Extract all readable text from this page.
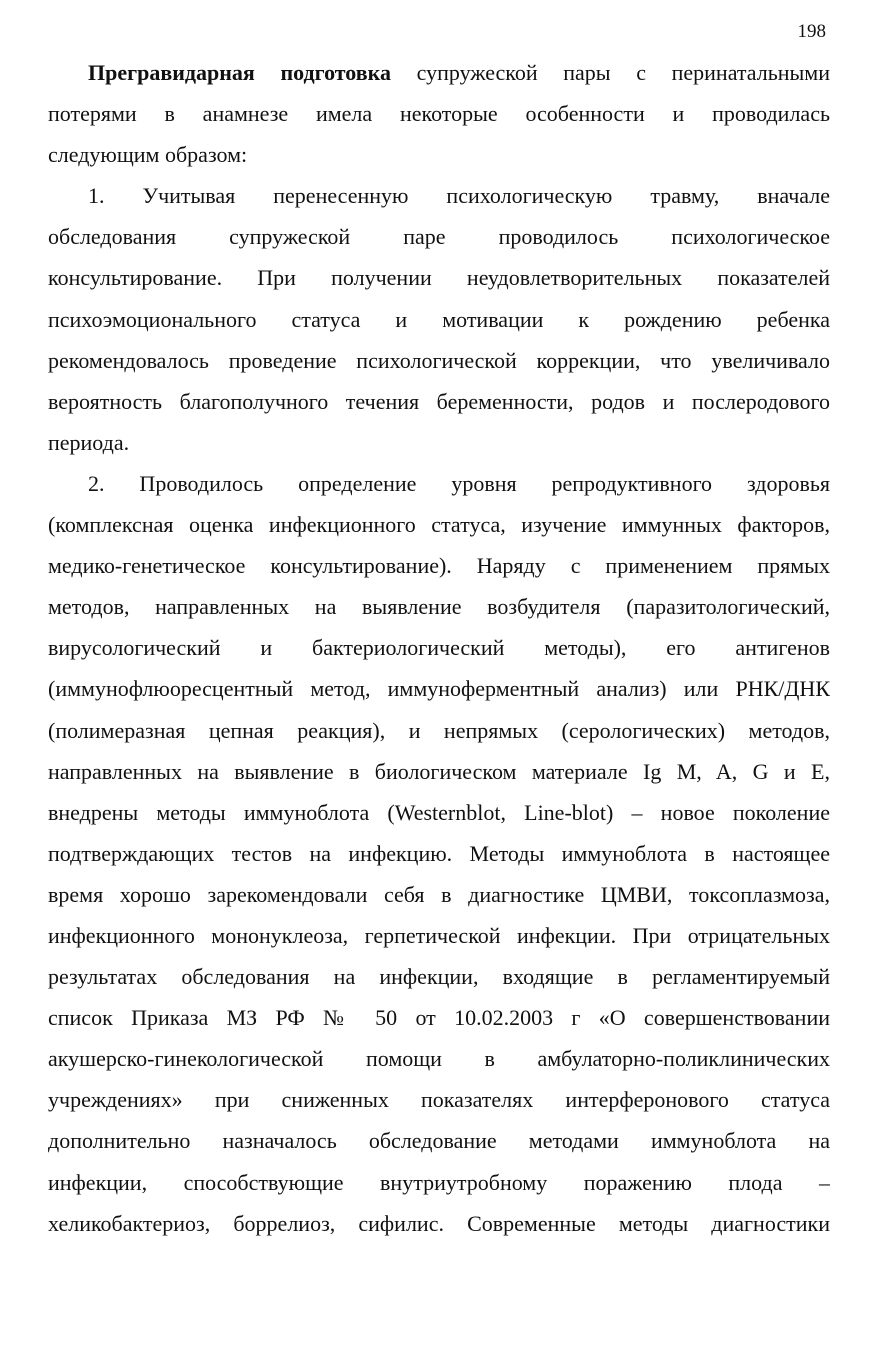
198
Прегравидарная подготовка супружеской пары с перинатальными
потерями в анамнезе имела некоторые особенности и проводилась
следующим образом:
1. Учитывая перенесенную психологическую травму, вначале
обследования супружеской паре проводилось психологическое
консультирование. При получении неудовлетворительных показателей
психоэмоционального статуса и мотивации к рождению ребенка
рекомендовалось проведение психологической коррекции, что увеличивало
вероятность благополучного течения беременности, родов и послеродового
периода.
2. Проводилось определение уровня репродуктивного здоровья
(комплексная оценка инфекционного статуса, изучение иммунных факторов,
медико-генетическое консультирование). Наряду с применением прямых
методов, направленных на выявление возбудителя (паразитологический,
вирусологический и бактериологический методы), его антигенов
(иммунофлюоресцентный метод, иммуноферментный анализ) или РНК/ДНК
(полимеразная цепная реакция), и непрямых (серологических) методов,
направленных на выявление в биологическом материале Ig M, A, G и E,
внедрены методы иммуноблота (Westernblot, Line-blot) – новое поколение
подтверждающих тестов на инфекцию. Методы иммуноблота в настоящее
время хорошо зарекомендовали себя в диагностике ЦМВИ, токсоплазмоза,
инфекционного мононуклеоза, герпетической инфекции. При отрицательных
результатах обследования на инфекции, входящие в регламентируемый
список Приказа МЗ РФ № 50 от 10.02.2003 г «О совершенствовании
акушерско-гинекологической помощи в амбулаторно-поликлинических
учреждениях» при сниженных показателях интерферонового статуса
дополнительно назначалось обследование методами иммуноблота на
инфекции, способствующие внутриутробному поражению плода –
хеликобактериоз, боррелиоз, сифилис. Современные методы диагностики
